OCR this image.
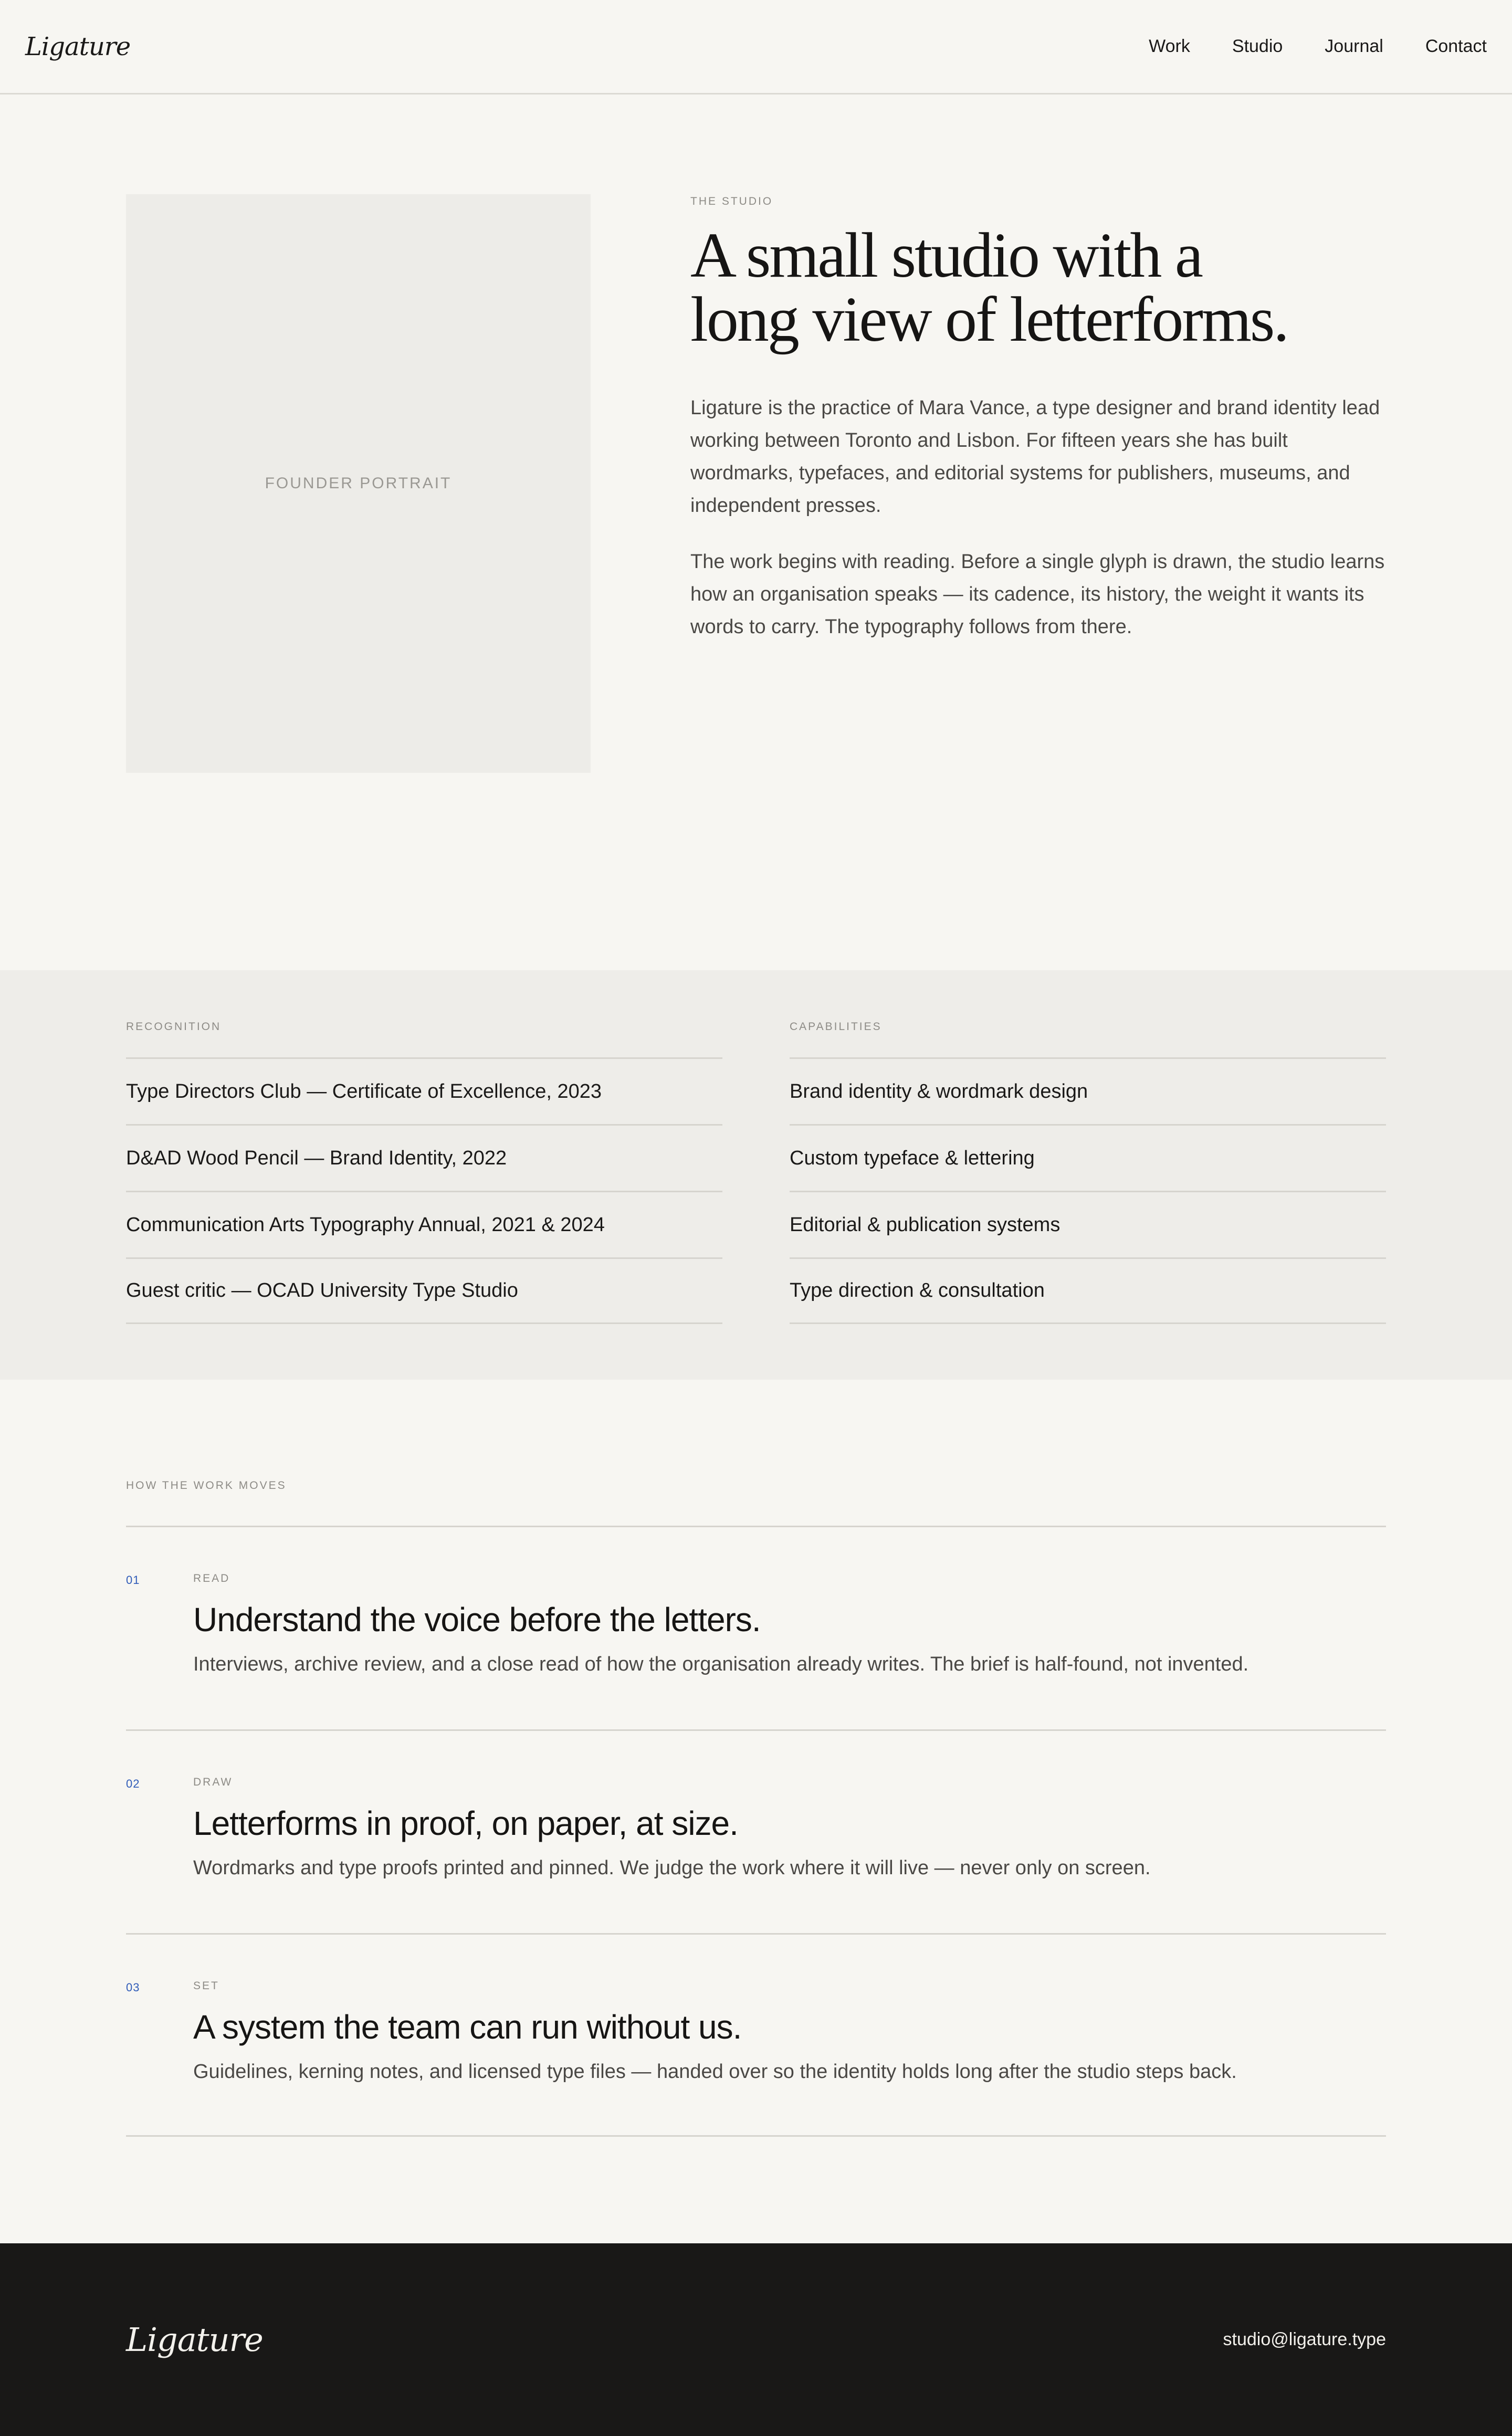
Ligature	Work Studio Journal Contact
FOUNDER PORTRAIT
THE STUDIO
A small studio with a
long view of letterforms.

Ligature is the practice of Mara Vance, a type designer and brand identity lead working between Toronto and Lisbon. For fifteen years she has built wordmarks, typefaces, and editorial systems for publishers, museums, and independent presses.

The work begins with reading. Before a single glyph is drawn, the studio learns how an organisation speaks — its cadence, its history, the weight it wants its words to carry. The typography follows from there.

RECOGNITION
Type Directors Club — Certificate of Excellence, 2023
D&AD Wood Pencil — Brand Identity, 2022
Communication Arts Typography Annual, 2021 & 2024
Guest critic — OCAD University Type Studio
CAPABILITIES
Brand identity & wordmark design
Custom typeface & lettering
Editorial & publication systems
Type direction & consultation
HOW THE WORK MOVES
01	READ
Understand the voice before the letters.

Interviews, archive review, and a close read of how the organisation already writes. The brief is half-found, not invented.

02	DRAW
Letterforms in proof, on paper, at size.

Wordmarks and type proofs printed and pinned. We judge the work where it will live — never only on screen.

03	SET
A system the team can run without us.

Guidelines, kerning notes, and licensed type files — handed over so the identity holds long after the studio steps back.

Ligature	studio@ligature.type
